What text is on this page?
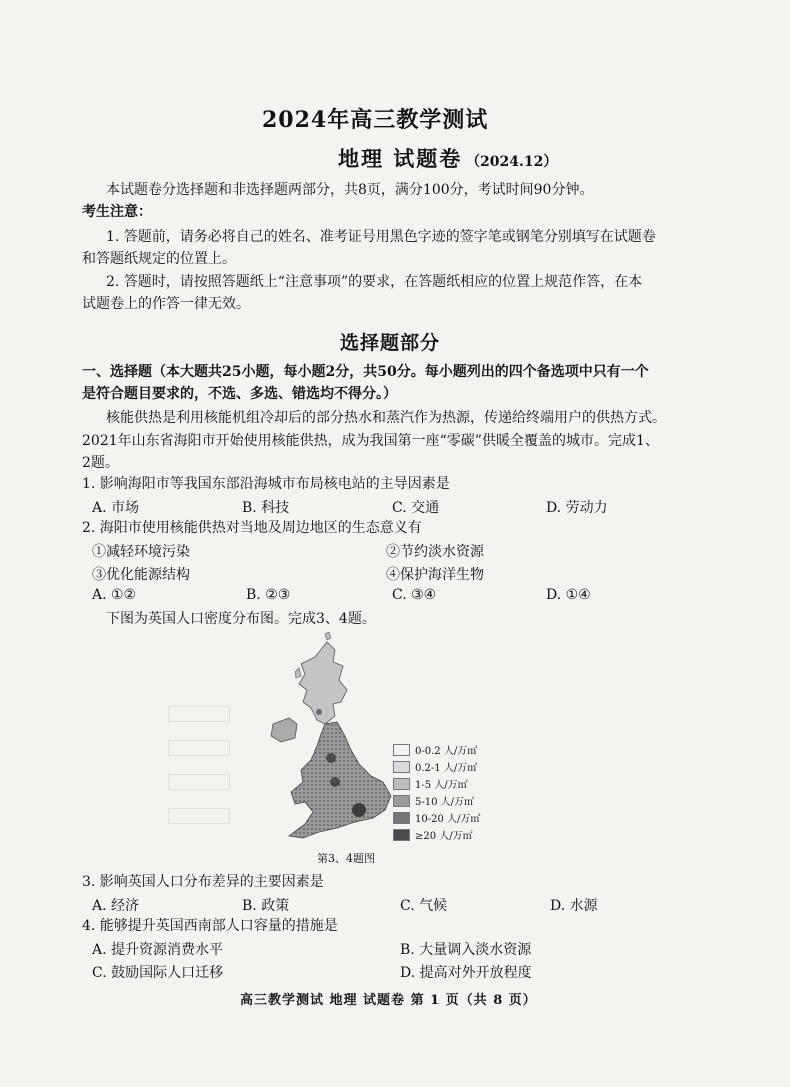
2024年高三教学测试
地理 试题卷 （2024.12）
本试题卷分选择题和非选择题两部分，共8页，满分100分，考试时间90分钟。
考生注意：
1. 答题前，请务必将自己的姓名、准考证号用黑色字迹的签字笔或钢笔分别填写在试题卷
和答题纸规定的位置上。
2. 答题时，请按照答题纸上“注意事项”的要求，在答题纸相应的位置上规范作答，在本
试题卷上的作答一律无效。
选择题部分
一、选择题（本大题共25小题，每小题2分，共50分。每小题列出的四个备选项中只有一个
是符合题目要求的，不选、多选、错选均不得分。）
核能供热是利用核能机组冷却后的部分热水和蒸汽作为热源，传递给终端用户的供热方式。
2021年山东省海阳市开始使用核能供热，成为我国第一座“零碳”供暖全覆盖的城市。完成1、
2题。
1. 影响海阳市等我国东部沿海城市布局核电站的主导因素是
A. 市场	B. 科技	C. 交通	D. 劳动力
2. 海阳市使用核能供热对当地及周边地区的生态意义有
①减轻环境污染	②节约淡水资源
③优化能源结构	④保护海洋生物
A. ①②	B. ②③	C. ③④	D. ①④
下图为英国人口密度分布图。完成3、4题。
0-0.2 人/万㎡
0.2-1 人/万㎡
1-5 人/万㎡
5-10 人/万㎡
10-20 人/万㎡
≥20 人/万㎡
第3、4题图
3. 影响英国人口分布差异的主要因素是
A. 经济	B. 政策	C. 气候	D. 水源
4. 能够提升英国西南部人口容量的措施是
A. 提升资源消费水平	B. 大量调入淡水资源
C. 鼓励国际人口迁移	D. 提高对外开放程度
高三教学测试 地理 试题卷 第 1 页（共 8 页）
